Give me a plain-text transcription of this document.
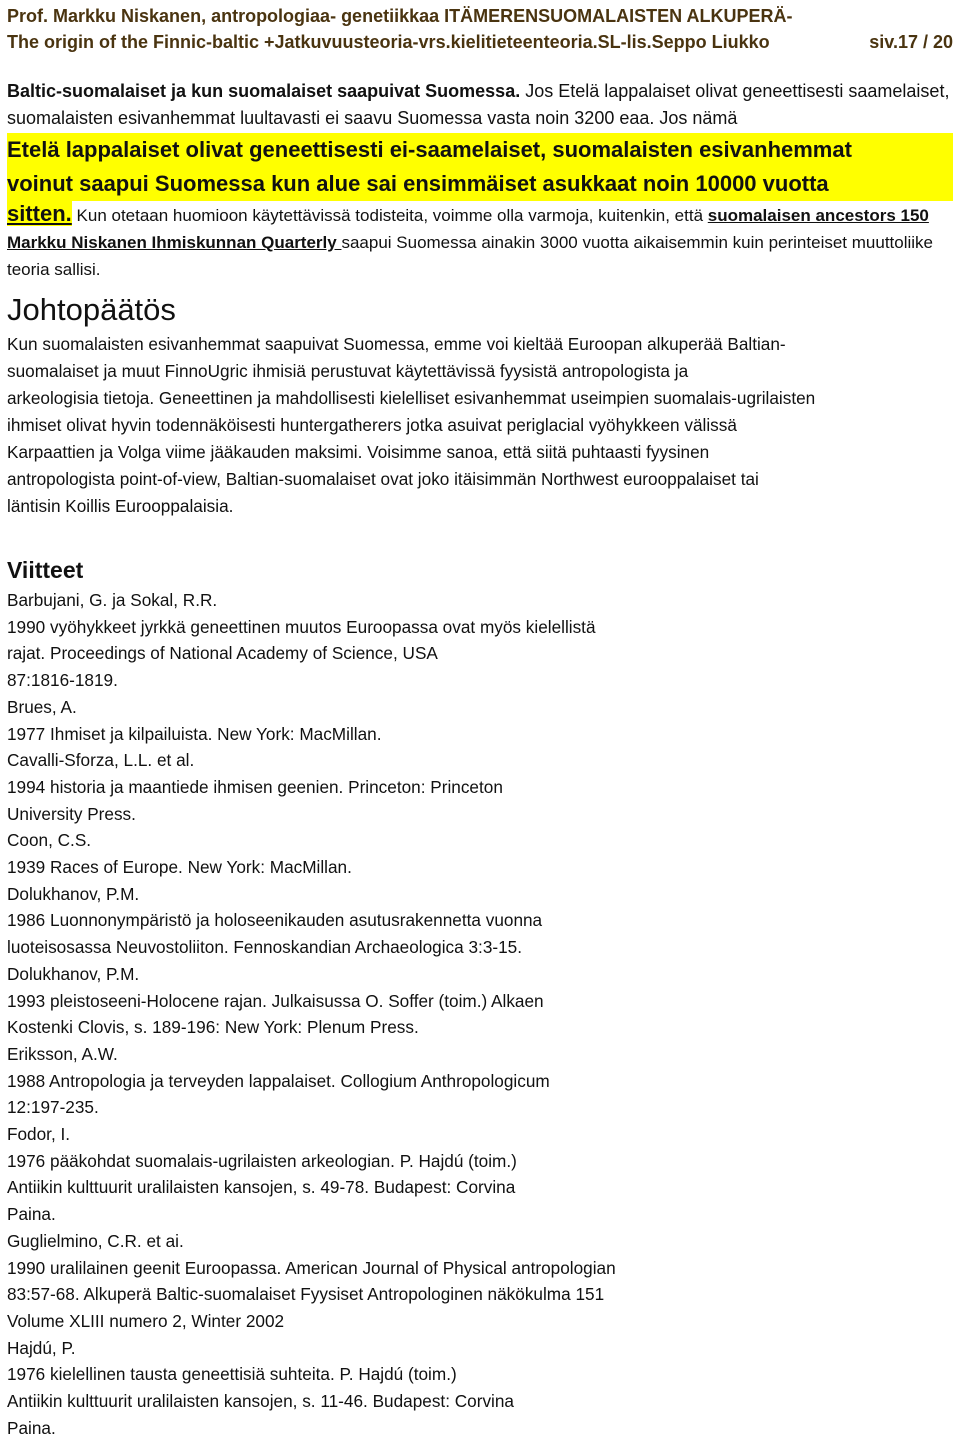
Prof. Markku Niskanen, antropologiaa- genetiikkaa ITÄMERENSUOMALAISTEN ALKUPERÄ-
The origin of the Finnic-baltic +Jatkuvuusteoria-vrs.kielitieteenteoria.SL-lis.Seppo Liukko	siv.17 / 20
Baltic-suomalaiset ja kun suomalaiset saapuivat Suomessa. Jos Etelä lappalaiset olivat geneettisesti saamelaiset, suomalaisten esivanhemmat luultavasti ei saavu Suomessa vasta noin 3200 eaa. Jos nämä
Etelä lappalaiset olivat geneettisesti ei-saamelaiset, suomalaisten esivanhemmat
voinut saapui Suomessa kun alue sai ensimmäiset asukkaat noin 10000 vuotta
sitten. Kun otetaan huomioon käytettävissä todisteita, voimme olla varmoja, kuitenkin, että suomalaisen ancestors 150 Markku Niskanen Ihmiskunnan Quarterly saapui Suomessa ainakin 3000 vuotta aikaisemmin kuin perinteiset muuttoliike teoria sallisi.
Johtopäätös
Kun suomalaisten esivanhemmat saapuivat Suomessa, emme voi kieltää Euroopan alkuperää Baltian-
suomalaiset ja muut FinnoUgric ihmisiä perustuvat käytettävissä fyysistä antropologista ja
arkeologisia tietoja. Geneettinen ja mahdollisesti kielelliset esivanhemmat useimpien suomalais-ugrilaisten
ihmiset olivat hyvin todennäköisesti huntergatherers jotka asuivat periglacial vyöhykkeen välissä
Karpaattien ja Volga viime jääkauden maksimi. Voisimme sanoa, että siitä puhtaasti fyysinen
antropologista point-of-view, Baltian-suomalaiset ovat joko itäisimmän Northwest eurooppalaiset tai
läntisin Koillis Eurooppalaisia.
Viitteet
Barbujani, G. ja Sokal, R.R.
1990 vyöhykkeet jyrkkä geneettinen muutos Euroopassa ovat myös kielellistä
rajat. Proceedings of National Academy of Science, USA
87:1816-1819.
Brues, A.
1977 Ihmiset ja kilpailuista. New York: MacMillan.
Cavalli-Sforza, L.L. et al.
1994 historia ja maantiede ihmisen geenien. Princeton: Princeton
University Press.
Coon, C.S.
1939 Races of Europe. New York: MacMillan.
Dolukhanov, P.M.
1986 Luonnonympäristö ja holoseenikauden asutusrakennetta vuonna
luoteisosassa Neuvostoliiton. Fennoskandian Archaeologica 3:3-15.
Dolukhanov, P.M.
1993 pleistoseeni-Holocene rajan. Julkaisussa O. Soffer (toim.) Alkaen
Kostenki Clovis, s. 189-196: New York: Plenum Press.
Eriksson, A.W.
1988 Antropologia ja terveyden lappalaiset. Collogium Anthropologicum
12:197-235.
Fodor, I.
1976 pääkohdat suomalais-ugrilaisten arkeologian. P. Hajdú (toim.)
Antiikin kulttuurit uralilaisten kansojen, s. 49-78. Budapest: Corvina
Paina.
Guglielmino, C.R. et ai.
1990 uralilainen geenit Euroopassa. American Journal of Physical antropologian
83:57-68. Alkuperä Baltic-suomalaiset Fyysiset Antropologinen näkökulma 151
Volume XLIII numero 2, Winter 2002
Hajdú, P.
1976 kielellinen tausta geneettisiä suhteita. P. Hajdú (toim.)
Antiikin kulttuurit uralilaisten kansojen, s. 11-46. Budapest: Corvina
Paina.
